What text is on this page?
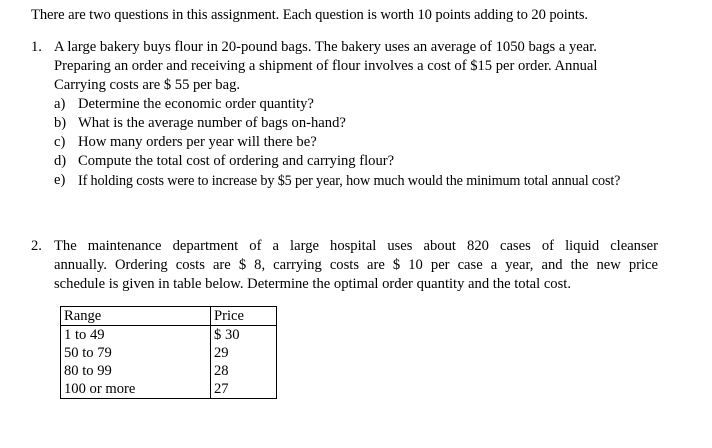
There are two questions in this assignment. Each question is worth 10 points adding to 20 points.
1. A large bakery buys flour in 20-pound bags. The bakery uses an average of 1050 bags a year.
Preparing an order and receiving a shipment of flour involves a cost of $15 per order. Annual
Carrying costs are $ 55 per bag.
a) Determine the economic order quantity?
b) What is the average number of bags on-hand?
c) How many orders per year will there be?
d) Compute the total cost of ordering and carrying flour?
e) If holding costs were to increase by $5 per year, how much would the minimum total annual cost?
2. The maintenance department of a large hospital uses about 820 cases of liquid cleanser
annually. Ordering costs are $ 8, carrying costs are $ 10 per case a year, and the new price
schedule is given in table below. Determine the optimal order quantity and the total cost.
Range	Price
1 to 49	$ 30
50 to 79	29
80 to 99	28
100 or more	27
